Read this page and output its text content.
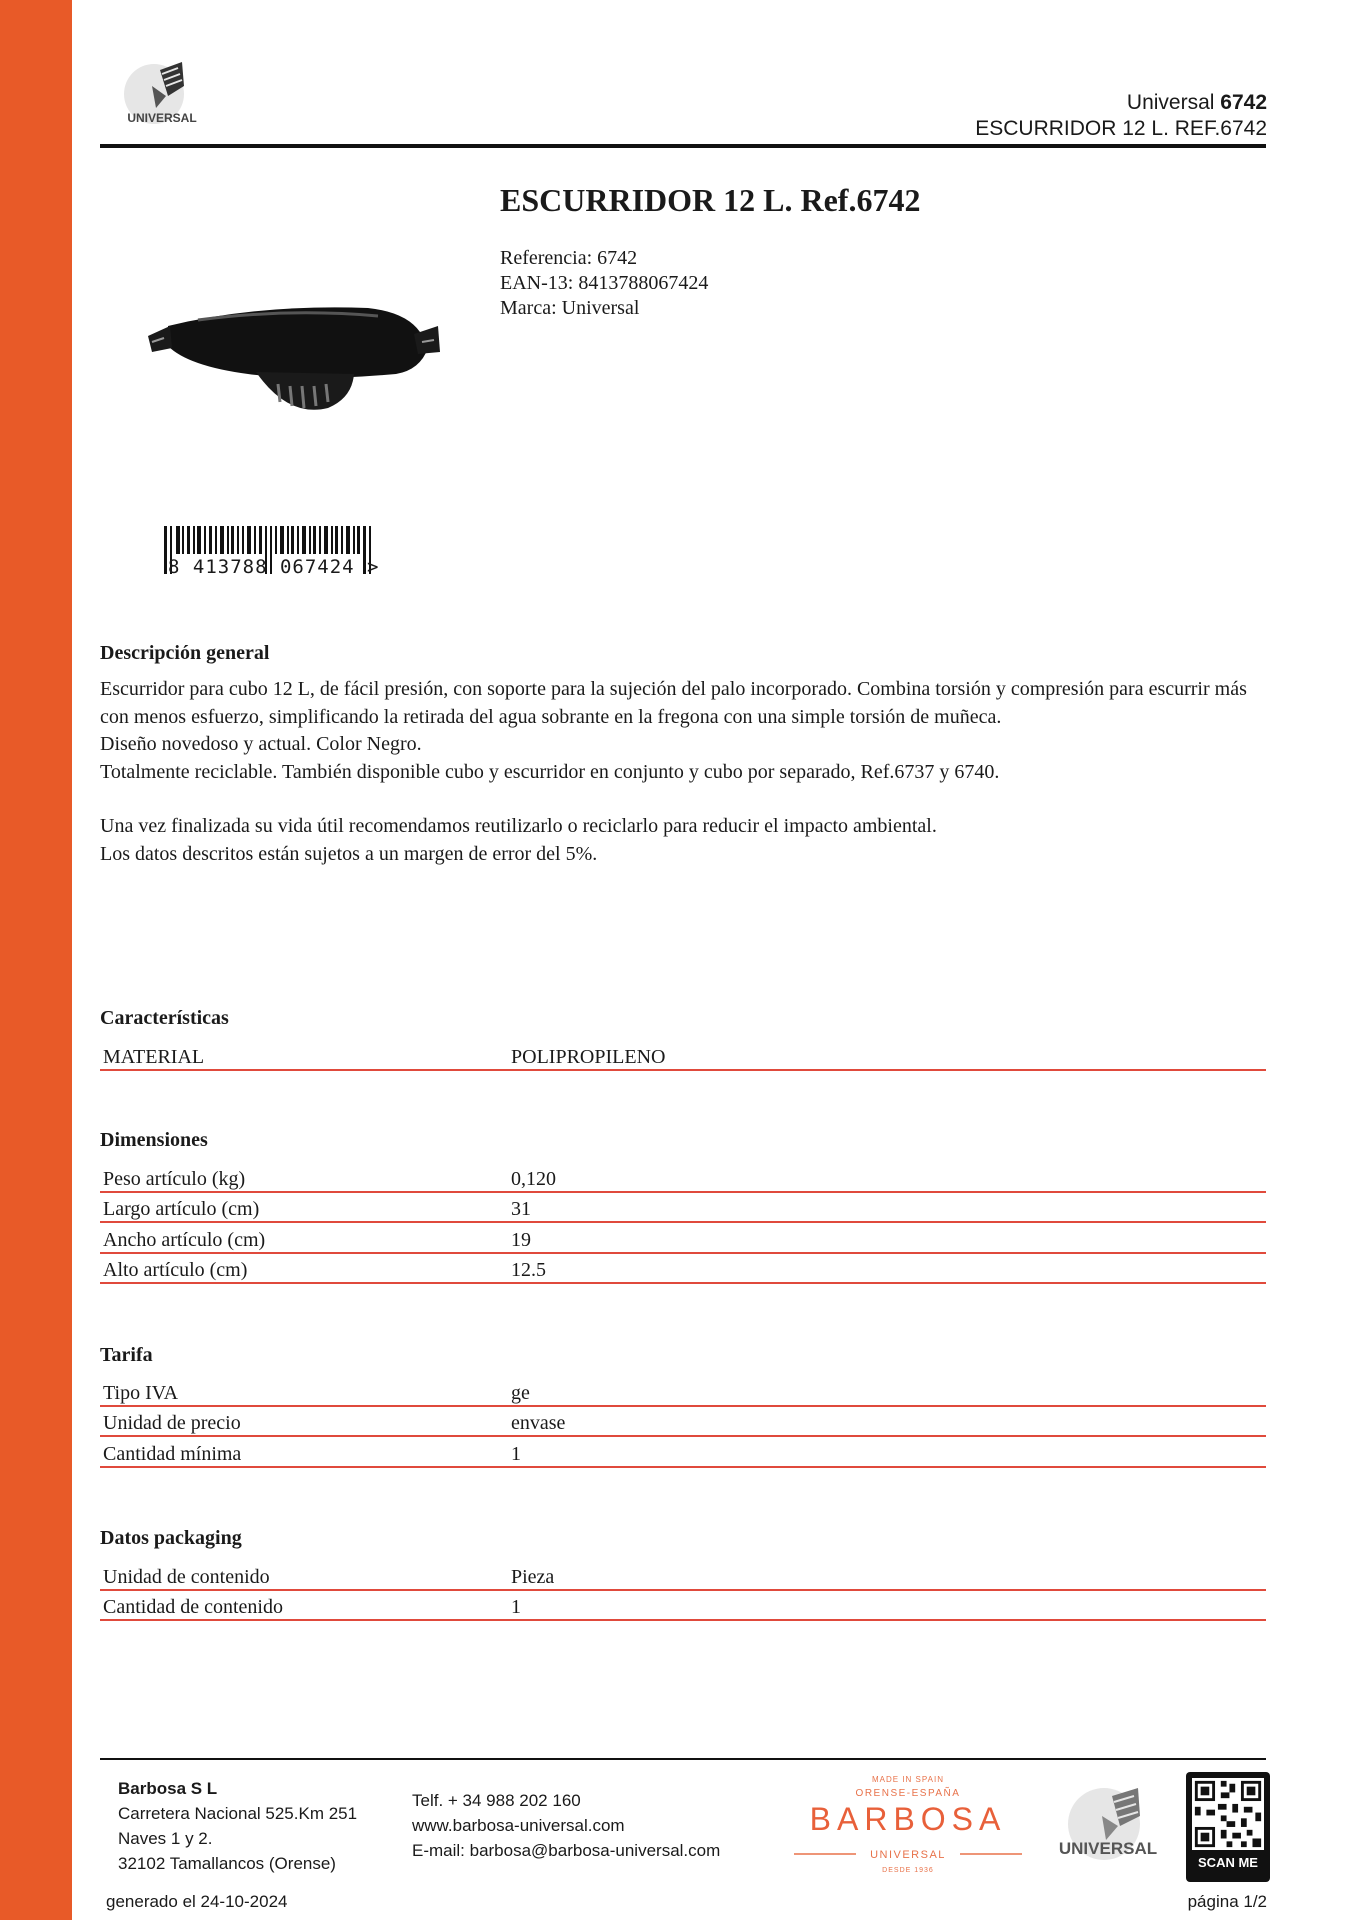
UNIVERSAL
Universal 6742
ESCURRIDOR 12 L. REF.6742
8 413788 067424 >
ESCURRIDOR 12 L. Ref.6742
Referencia: 6742
EAN-13: 8413788067424
Marca: Universal
Descripción general

Escurridor para cubo 12 L, de fácil presión, con soporte para la sujeción del palo incorporado. Combina torsión y compresión para escurrir más con menos esfuerzo, simplificando la retirada del agua sobrante en la fregona con una simple torsión de muñeca.

Diseño novedoso y actual. Color Negro.

Totalmente reciclable. También disponible cubo y escurridor en conjunto y cubo por separado, Ref.6737 y 6740.

Una vez finalizada su vida útil recomendamos reutilizarlo o reciclarlo para reducir el impacto ambiental.

Los datos descritos están sujetos a un margen de error del 5%.

Características
MATERIAL	POLIPROPILENO
Dimensiones
Peso artículo (kg)	0,120
Largo artículo (cm)	31
Ancho artículo (cm)	19
Alto artículo (cm)	12.5
Tarifa
Tipo IVA	ge
Unidad de precio	envase
Cantidad mínima	1
Datos packaging
Unidad de contenido	Pieza
Cantidad de contenido	1
Barbosa S L
Carretera Nacional 525.Km 251
Naves 1 y 2.
32102 Tamallancos (Orense)
Telf. + 34 988 202 160
www.barbosa-universal.com
E-mail: barbosa@barbosa-universal.com
MADE IN SPAIN
ORENSE-ESPAÑA
BARBOSA
UNIVERSAL
DESDE 1936
UNIVERSAL
SCAN ME
generado el 24-10-2024	página 1/2
